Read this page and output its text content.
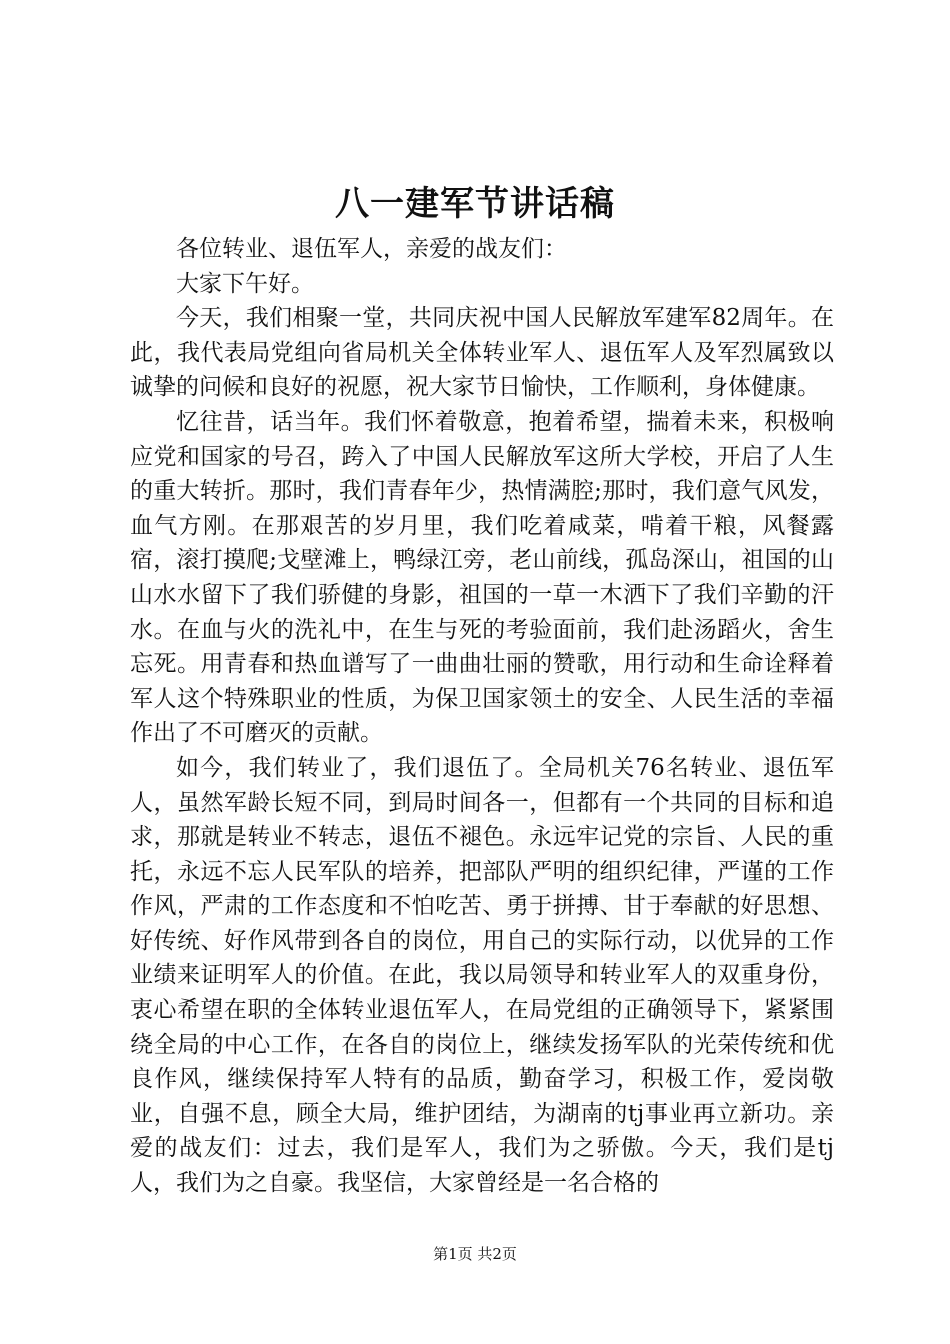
八一建军节讲话稿

各位转业、退伍军人，亲爱的战友们：

大家下午好。

今天，我们相聚一堂，共同庆祝中国人民解放军建军82周年。在此，我代表局党组向省局机关全体转业军人、退伍军人及军烈属致以诚挚的问候和良好的祝愿，祝大家节日愉快，工作顺利，身体健康。

忆往昔，话当年。我们怀着敬意，抱着希望，揣着未来，积极响应党和国家的号召，跨入了中国人民解放军这所大学校，开启了人生的重大转折。那时，我们青春年少，热情满腔;那时，我们意气风发，血气方刚。在那艰苦的岁月里，我们吃着咸菜，啃着干粮，风餐露宿，滚打摸爬;戈壁滩上，鸭绿江旁，老山前线，孤岛深山，祖国的山山水水留下了我们骄健的身影，祖国的一草一木洒下了我们辛勤的汗水。在血与火的洗礼中，在生与死的考验面前，我们赴汤蹈火，舍生忘死。用青春和热血谱写了一曲曲壮丽的赞歌，用行动和生命诠释着军人这个特殊职业的性质，为保卫国家领土的安全、人民生活的幸福作出了不可磨灭的贡献。

如今，我们转业了，我们退伍了。全局机关76名转业、退伍军人，虽然军龄长短不同，到局时间各一，但都有一个共同的目标和追求，那就是转业不转志，退伍不褪色。永远牢记党的宗旨、人民的重托，永远不忘人民军队的培养，把部队严明的组织纪律，严谨的工作作风，严肃的工作态度和不怕吃苦、勇于拼搏、甘于奉献的好思想、好传统、好作风带到各自的岗位，用自己的实际行动，以优异的工作业绩来证明军人的价值。在此，我以局领导和转业军人的双重身份，衷心希望在职的全体转业退伍军人，在局党组的正确领导下，紧紧围绕全局的中心工作，在各自的岗位上，继续发扬军队的光荣传统和优良作风，继续保持军人特有的品质，勤奋学习，积极工作，爱岗敬业，自强不息，顾全大局，维护团结，为湖南的tj事业再立新功。亲爱的战友们：过去，我们是军人，我们为之骄傲。今天，我们是tj人，我们为之自豪。我坚信，大家曾经是一名合格的

第1页 共2页
